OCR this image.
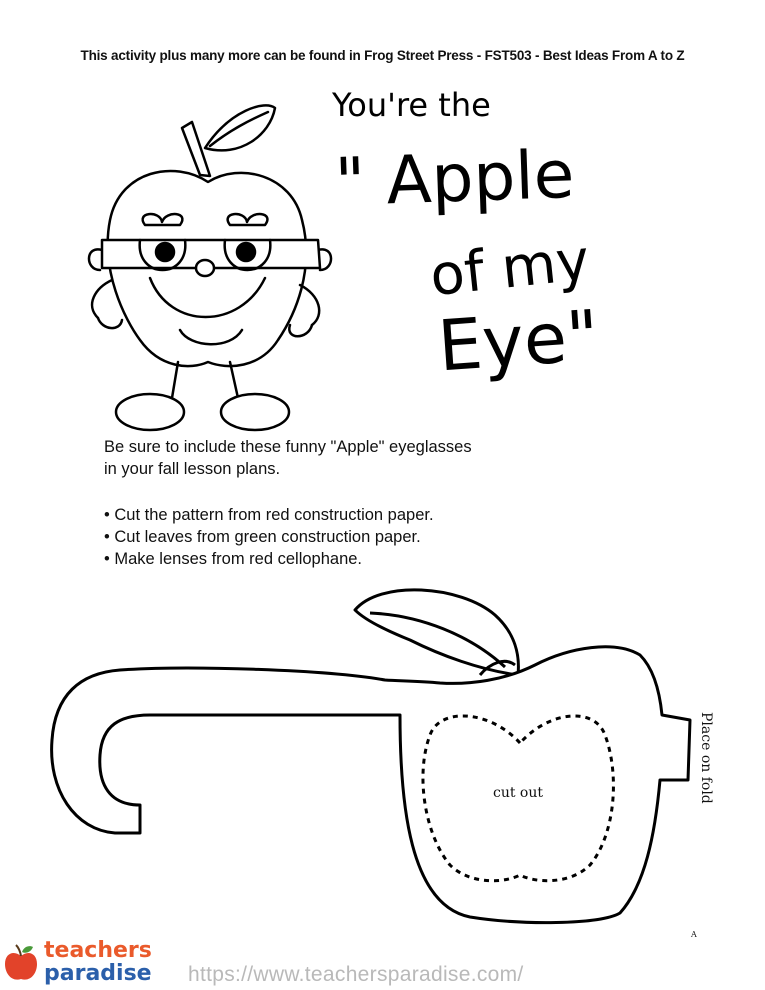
This activity plus many more can be found in Frog Street Press - FST503 - Best Ideas From A to Z
You're the
" Apple
of my
Eye"
Be sure to include these funny "Apple" eyeglasses
in your fall lesson plans.
• Cut the pattern from red construction paper.
• Cut leaves from green construction paper.
• Make lenses from red cellophane.
cut out	Place on fold
A
teachers
paradise https://www.teachersparadise.com/
